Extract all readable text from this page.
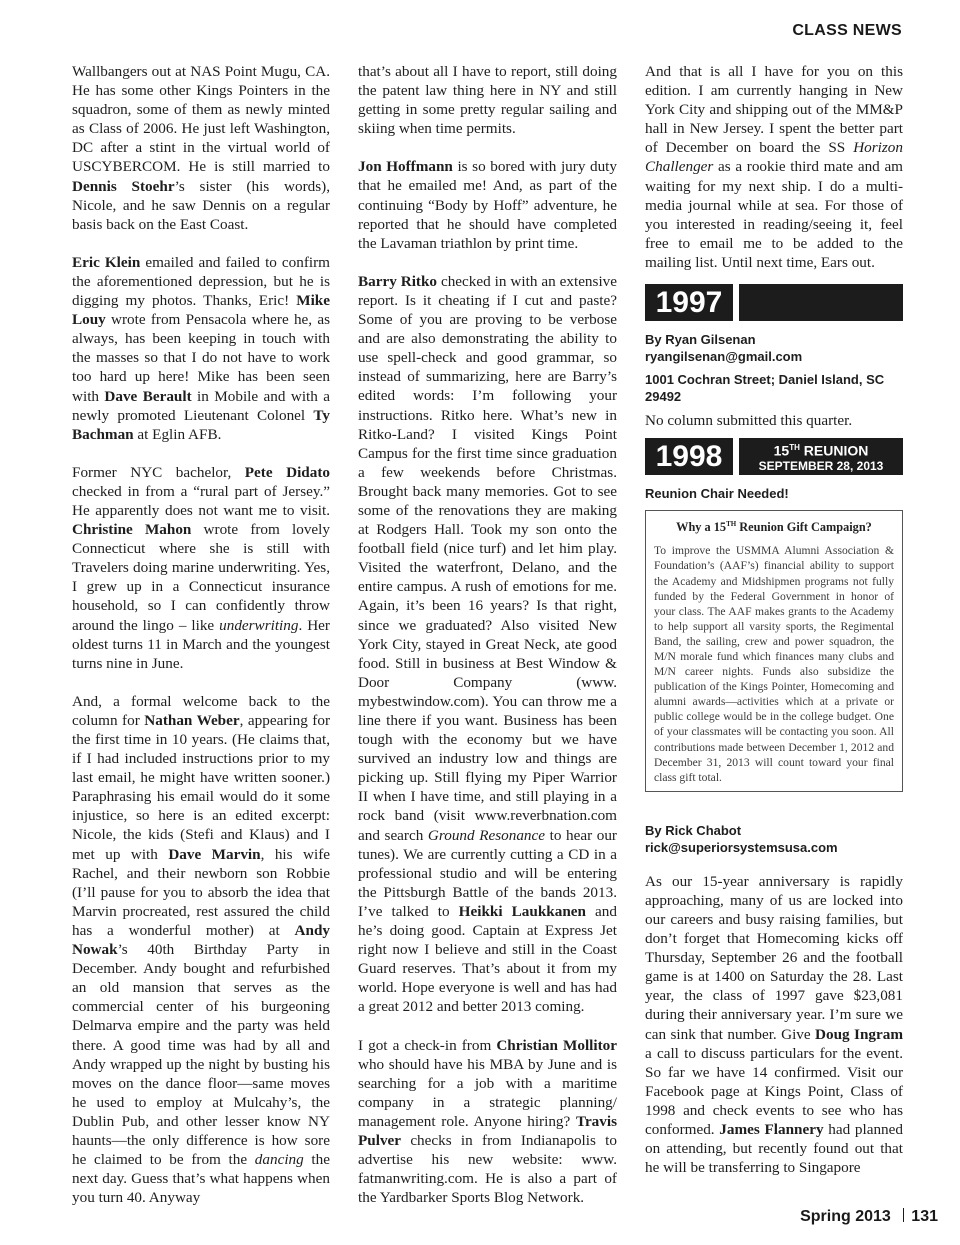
CLASS NEWS

Wallbangers out at NAS Point Mugu, CA. He has some other Kings Pointers in the squadron, some of them as newly minted as Class of 2006. He just left Washington, DC after a stint in the virtual world of USCYBERCOM. He is still married to Dennis Stoehr’s sister (his words), Nicole, and he saw Dennis on a regular basis back on the East Coast.

Eric Klein emailed and failed to confirm the aforementioned depression, but he is digging my photos. Thanks, Eric! Mike Louy wrote from Pensacola where he, as always, has been keeping in touch with the masses so that I do not have to work too hard up here! Mike has been seen with Dave Berault in Mobile and with a newly promoted Lieutenant Colonel Ty Bachman at Eglin AFB.

Former NYC bachelor, Pete Didato checked in from a “rural part of Jersey.” He apparently does not want me to visit. Christine Mahon wrote from lovely Connecticut where she is still with Travelers doing marine underwriting. Yes, I grew up in a Connecticut insurance household, so I can confidently throw around the lingo – like underwriting. Her oldest turns 11 in March and the youngest turns nine in June.

And, a formal welcome back to the column for Nathan Weber, appearing for the first time in 10 years. (He claims that, if I had included instructions prior to my last email, he might have written sooner.) Paraphrasing his email would do it some injustice, so here is an edited excerpt: Nicole, the kids (Stefi and Klaus) and I met up with Dave Marvin, his wife Rachel, and their newborn son Robbie (I’ll pause for you to absorb the idea that Marvin procreated, rest assured the child has a wonderful mother) at Andy Nowak’s 40th Birthday Party in December. Andy bought and refurbished an old mansion that serves as the commercial center of his burgeoning Delmarva empire and the party was held there. A good time was had by all and Andy wrapped up the night by busting his moves on the dance floor—same moves he used to employ at Mulcahy’s, the Dublin Pub, and other lesser know NY haunts—the only difference is how sore he claimed to be from the dancing the next day. Guess that’s what happens when you turn 40. Anyway

that’s about all I have to report, still doing the patent law thing here in NY and still getting in some pretty regular sailing and skiing when time permits.

Jon Hoffmann is so bored with jury duty that he emailed me! And, as part of the continuing “Body by Hoff” adventure, he reported that he should have completed the Lavaman triathlon by print time.

Barry Ritko checked in with an extensive report. Is it cheating if I cut and paste? Some of you are proving to be verbose and are also demonstrating the ability to use spell-check and good grammar, so instead of summarizing, here are Barry’s edited words: I’m following your instructions. Ritko here. What’s new in Ritko-Land? I visited Kings Point Campus for the first time since graduation a few weekends before Christmas. Brought back many memories. Got to see some of the renovations they are making at Rodgers Hall. Took my son onto the football field (nice turf) and let him play. Visited the waterfront, Delano, and the entire campus. A rush of emotions for me. Again, it’s been 16 years? Is that right, since we graduated? Also visited New York City, stayed in Great Neck, ate good food. Still in business at Best Window & Door Company (www. mybestwindow.com). You can throw me a line there if you want. Business has been tough with the economy but we have survived an industry low and things are picking up. Still flying my Piper Warrior II when I have time, and still playing in a rock band (visit www.reverbnation.com and search Ground Resonance to hear our tunes). We are currently cutting a CD in a professional studio and will be entering the Pittsburgh Battle of the bands 2013. I’ve talked to Heikki Laukkanen and he’s doing good. Captain at Express Jet right now I believe and still in the Coast Guard reserves. That’s about it from my world. Hope everyone is well and has had a great 2012 and better 2013 coming.

I got a check-in from Christian Mollitor who should have his MBA by June and is searching for a job with a maritime company in a strategic planning/ management role. Anyone hiring? Travis Pulver checks in from Indianapolis to advertise his new website: www. fatmanwriting.com. He is also a part of the Yardbarker Sports Blog Network.

And that is all I have for you on this edition. I am currently hanging in New York City and shipping out of the MM&P hall in New Jersey. I spent the better part of December on board the SS Horizon Challenger as a rookie third mate and am waiting for my next ship. I do a multi-media journal while at sea. For those of you interested in reading/seeing it, feel free to email me to be added to the mailing list. Until next time, Ears out.

1997
By Ryan Gilsenan
ryangilsenan@gmail.com
1001 Cochran Street; Daniel Island, SC 29492

No column submitted this quarter.

1998	15TH REUNION
SEPTEMBER 28, 2013
Reunion Chair Needed!
Why a 15TH Reunion Gift Campaign?
To improve the USMMA Alumni Association & Foundation’s (AAF’s) financial ability to support the Academy and Midshipmen programs not fully funded by the Federal Government in honor of your class. The AAF makes grants to the Academy to help support all varsity sports, the Regimental Band, the sailing, crew and power squadron, the M/N morale fund which finances many clubs and M/N career nights. Funds also subsidize the publication of the Kings Pointer, Homecoming and alumni awards—activities which at a private or public college would be in the college budget. One of your classmates will be contacting you soon. All contributions made between December 1, 2012 and December 31, 2013 will count toward your final class gift total.
By Rick Chabot
rick@superiorsystemsusa.com

As our 15-year anniversary is rapidly approaching, many of us are locked into our careers and busy raising families, but don’t forget that Homecoming kicks off Thursday, September 26 and the football game is at 1400 on Saturday the 28. Last year, the class of 1997 gave $23,081 during their anniversary year. I’m sure we can sink that number. Give Doug Ingram a call to discuss particulars for the event. So far we have 14 confirmed. Visit our Facebook page at Kings Point, Class of 1998 and check events to see who has conformed. James Flannery had planned on attending, but recently found out that he will be transferring to Singapore

Spring 2013 131
